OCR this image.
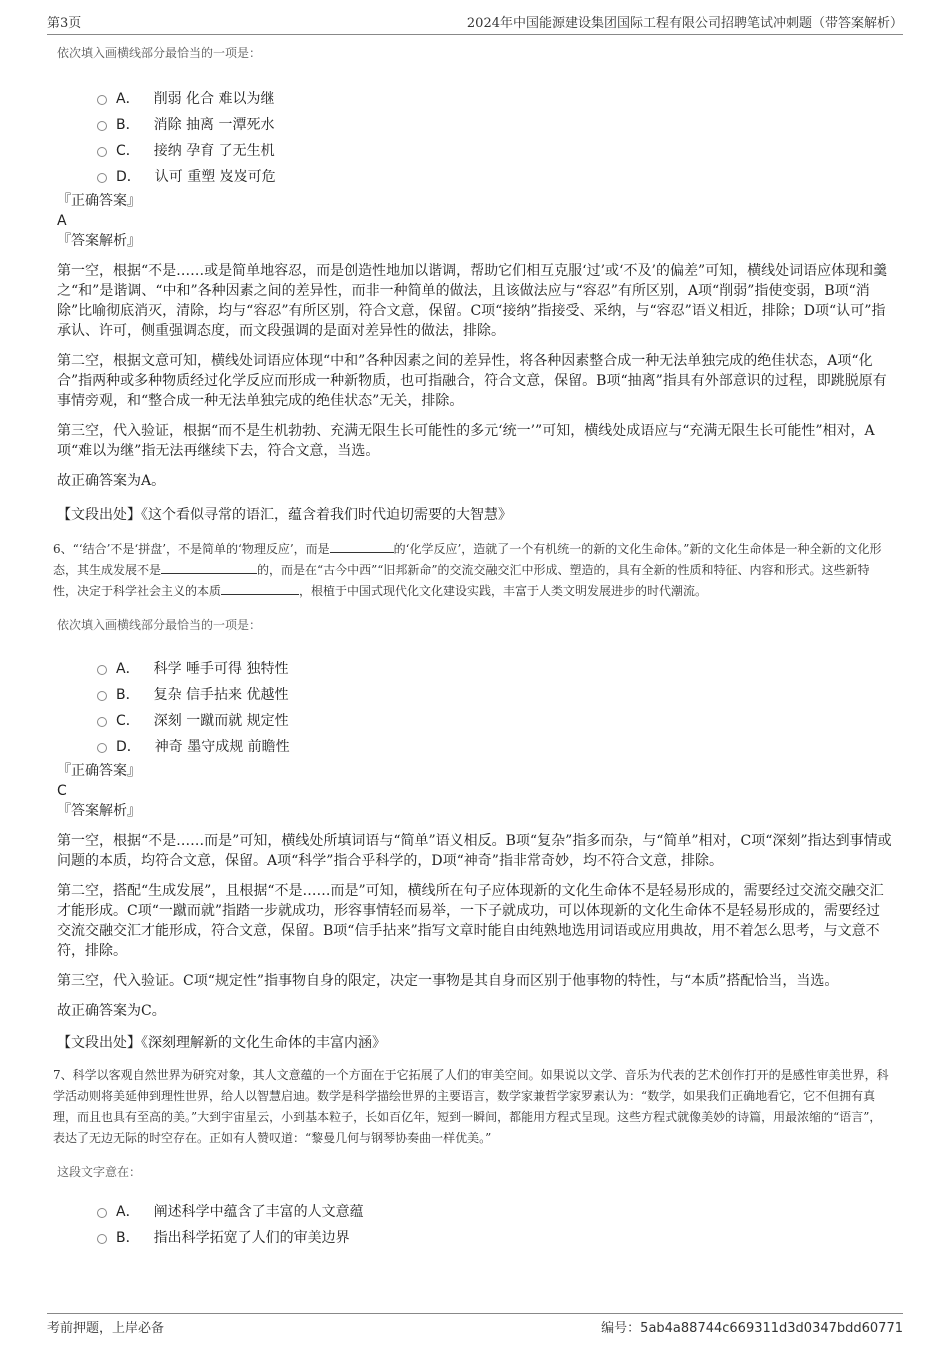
第3页	2024年中国能源建设集团国际工程有限公司招聘笔试冲刺题（带答案解析）
依次填入画横线部分最恰当的一项是：
A． 削弱 化合 难以为继
B． 消除 抽离 一潭死水
C． 接纳 孕育 了无生机
D． 认可 重塑 岌岌可危
『正确答案』
A
『答案解析』

第一空，根据“不是……或是简单地容忍，而是创造性地加以谐调，帮助它们相互克服‘过’或‘不及’的偏差”可知，横线处词语应体现和羹之“和”是谐调、“中和”各种因素之间的差异性，而非一种简单的做法，且该做法应与“容忍”有所区别，A项“削弱”指使变弱，B项“消除”比喻彻底消灭，清除，均与“容忍”有所区别，符合文意，保留。C项“接纳”指接受、采纳，与“容忍”语义相近，排除；D项“认可”指承认、许可，侧重强调态度，而文段强调的是面对差异性的做法，排除。

第二空，根据文意可知，横线处词语应体现“中和”各种因素之间的差异性，将各种因素整合成一种无法单独完成的绝佳状态，A项“化合”指两种或多种物质经过化学反应而形成一种新物质，也可指融合，符合文意，保留。B项“抽离”指具有外部意识的过程，即跳脱原有事情旁观，和“整合成一种无法单独完成的绝佳状态”无关，排除。

第三空，代入验证，根据“而不是生机勃勃、充满无限生长可能性的多元‘统一’”可知，横线处成语应与“充满无限生长可能性”相对，A项“难以为继”指无法再继续下去，符合文意，当选。

故正确答案为A。

【文段出处】《这个看似寻常的语汇，蕴含着我们时代迫切需要的大智慧》
6、“‘结合’不是‘拼盘’，不是简单的‘物理反应’，而是	的‘化学反应’，造就了一个有机统一的新的文化生命体。”新的文化生命体是一种全新的文化形态，其生成发展不是	的，而是在“古今中西”“旧邦新命”的交流交融交汇中形成、塑造的，具有全新的性质和特征、内容和形式。这些新特性，决定于科学社会主义的本质	，根植于中国式现代化文化建设实践，丰富于人类文明发展进步的时代潮流。
依次填入画横线部分最恰当的一项是：
A． 科学 唾手可得 独特性
B． 复杂 信手拈来 优越性
C． 深刻 一蹴而就 规定性
D． 神奇 墨守成规 前瞻性
『正确答案』
C
『答案解析』

第一空，根据“不是……而是”可知，横线处所填词语与“简单”语义相反。B项“复杂”指多而杂，与“简单”相对，C项“深刻”指达到事情或问题的本质，均符合文意，保留。A项“科学”指合乎科学的，D项“神奇”指非常奇妙，均不符合文意，排除。

第二空，搭配“生成发展”，且根据“不是……而是”可知，横线所在句子应体现新的文化生命体不是轻易形成的，需要经过交流交融交汇才能形成。C项“一蹴而就”指踏一步就成功，形容事情轻而易举，一下子就成功，可以体现新的文化生命体不是轻易形成的，需要经过交流交融交汇才能形成，符合文意，保留。B项“信手拈来”指写文章时能自由纯熟地选用词语或应用典故，用不着怎么思考，与文意不符，排除。

第三空，代入验证。C项“规定性”指事物自身的限定，决定一事物是其自身而区别于他事物的特性，与“本质”搭配恰当，当选。

故正确答案为C。

【文段出处】《深刻理解新的文化生命体的丰富内涵》
7、科学以客观自然世界为研究对象，其人文意蕴的一个方面在于它拓展了人们的审美空间。如果说以文学、音乐为代表的艺术创作打开的是感性审美世界，科学活动则将美延伸到理性世界，给人以智慧启迪。数学是科学描绘世界的主要语言，数学家兼哲学家罗素认为：“数学，如果我们正确地看它，它不但拥有真理，而且也具有至高的美。”大到宇宙星云，小到基本粒子，长如百亿年，短到一瞬间，都能用方程式呈现。这些方程式就像美妙的诗篇，用最浓缩的“语言”，表达了无边无际的时空存在。正如有人赞叹道：“黎曼几何与钢琴协奏曲一样优美。”
这段文字意在：
A． 阐述科学中蕴含了丰富的人文意蕴
B． 指出科学拓宽了人们的审美边界
考前押题，上岸必备	编号：5ab4a88744c669311d3d0347bdd60771
